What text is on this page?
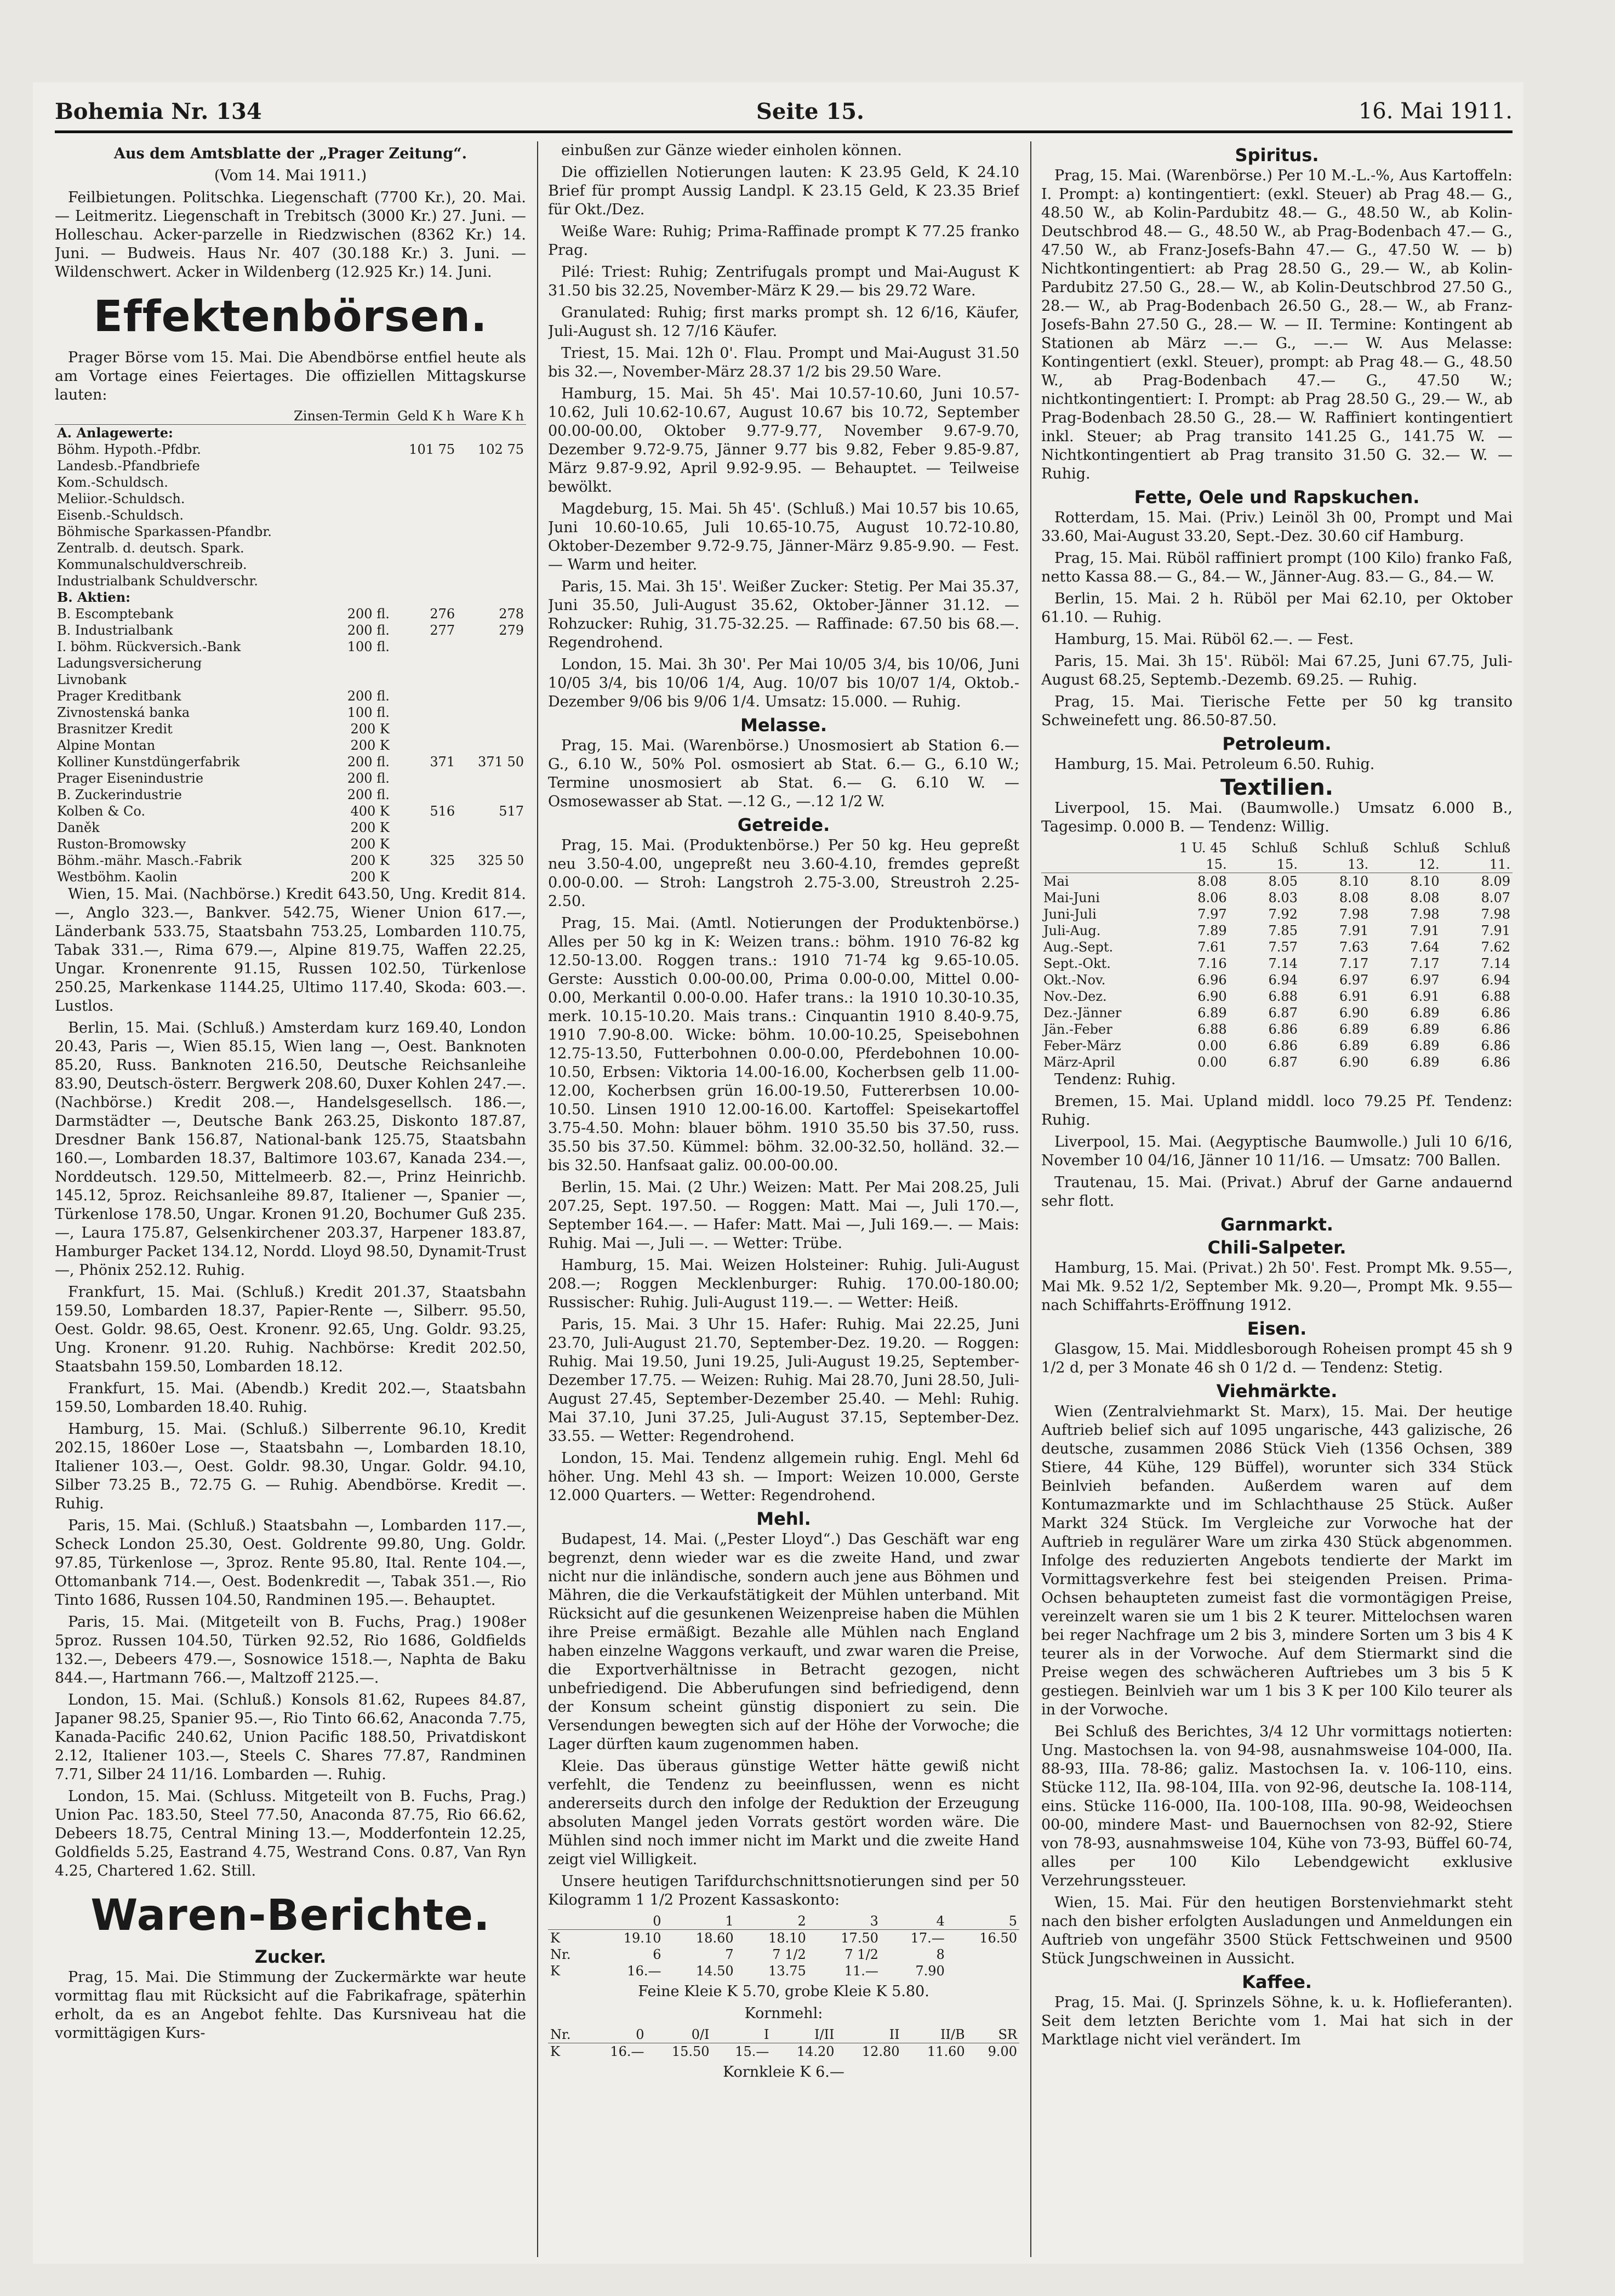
Bohemia Nr. 134	Seite 15.	16. Mai 1911.
Aus dem Amtsblatte der „Prager Zeitung“.
(Vom 14. Mai 1911.)

Feilbietungen. Politschka. Liegenschaft (7700 Kr.), 20. Mai. — Leitmeritz. Liegenschaft in Trebitsch (3000 Kr.) 27. Juni. — Holleschau. Acker-parzelle in Riedzwischen (8362 Kr.) 14. Juni. — Budweis. Haus Nr. 407 (30.188 Kr.) 3. Juni. — Wildenschwert. Acker in Wildenberg (12.925 Kr.) 14. Juni.

Effektenbörsen.

Prager Börse vom 15. Mai. Die Abendbörse entfiel heute als am Vortage eines Feiertages. Die offiziellen Mittagskurse lauten:

	Zinsen-Termin	Geld K h	Ware K h
A. Anlagewerte:			
Böhm. Hypoth.-Pfdbr.		101 75	102 75
Landesb.-Pfandbriefe			
Kom.-Schuldsch.			
Meliior.-Schuldsch.			
Eisenb.-Schuldsch.			
Böhmische Sparkassen-Pfandbr.			
Zentralb. d. deutsch. Spark.			
Kommunalschuldverschreib.			
Industrialbank Schuldverschr.			
B. Aktien:			
B. Escomptebank	200 fl.	276	278
B. Industrialbank	200 fl.	277	279
I. böhm. Rückversich.-Bank	100 fl.		
Ladungsversicherung			
Livnobank			
Prager Kreditbank	200 fl.		
Zivnostenská banka	100 fl.		
Brasnitzer Kredit	200 K		
Alpine Montan	200 K		
Kolliner Kunstdüngerfabrik	200 fl.	371	371 50
Prager Eisenindustrie	200 fl.		
B. Zuckerindustrie	200 fl.		
Kolben & Co.	400 K	516	517
Daněk	200 K		
Ruston-Bromowsky	200 K		
Böhm.-mähr. Masch.-Fabrik	200 K	325	325 50
Westböhm. Kaolin	200 K		

Wien, 15. Mai. (Nachbörse.) Kredit 643.50, Ung. Kredit 814.—, Anglo 323.—, Bankver. 542.75, Wiener Union 617.—, Länderbank 533.75, Staatsbahn 753.25, Lombarden 110.75, Tabak 331.—, Rima 679.—, Alpine 819.75, Waffen 22.25, Ungar. Kronenrente 91.15, Russen 102.50, Türkenlose 250.25, Markenkase 1144.25, Ultimo 117.40, Skoda: 603.—. Lustlos.

Berlin, 15. Mai. (Schluß.) Amsterdam kurz 169.40, London 20.43, Paris —, Wien 85.15, Wien lang —, Oest. Banknoten 85.20, Russ. Banknoten 216.50, Deutsche Reichsanleihe 83.90, Deutsch-österr. Bergwerk 208.60, Duxer Kohlen 247.—. (Nachbörse.) Kredit 208.—, Handelsgesellsch. 186.—, Darmstädter —, Deutsche Bank 263.25, Diskonto 187.87, Dresdner Bank 156.87, National-bank 125.75, Staatsbahn 160.—, Lombarden 18.37, Baltimore 103.67, Kanada 234.—, Norddeutsch. 129.50, Mittelmeerb. 82.—, Prinz Heinrichb. 145.12, 5proz. Reichsanleihe 89.87, Italiener —, Spanier —, Türkenlose 178.50, Ungar. Kronen 91.20, Bochumer Guß 235.—, Laura 175.87, Gelsenkirchener 203.37, Harpener 183.87, Hamburger Packet 134.12, Nordd. Lloyd 98.50, Dynamit-Trust —, Phönix 252.12. Ruhig.

Frankfurt, 15. Mai. (Schluß.) Kredit 201.37, Staatsbahn 159.50, Lombarden 18.37, Papier-Rente —, Silberr. 95.50, Oest. Goldr. 98.65, Oest. Kronenr. 92.65, Ung. Goldr. 93.25, Ung. Kronenr. 91.20. Ruhig. Nachbörse: Kredit 202.50, Staatsbahn 159.50, Lombarden 18.12.

Frankfurt, 15. Mai. (Abendb.) Kredit 202.—, Staatsbahn 159.50, Lombarden 18.40. Ruhig.

Hamburg, 15. Mai. (Schluß.) Silberrente 96.10, Kredit 202.15, 1860er Lose —, Staatsbahn —, Lombarden 18.10, Italiener 103.—, Oest. Goldr. 98.30, Ungar. Goldr. 94.10, Silber 73.25 B., 72.75 G. — Ruhig. Abendbörse. Kredit —. Ruhig.

Paris, 15. Mai. (Schluß.) Staatsbahn —, Lombarden 117.—, Scheck London 25.30, Oest. Goldrente 99.80, Ung. Goldr. 97.85, Türkenlose —, 3proz. Rente 95.80, Ital. Rente 104.—, Ottomanbank 714.—, Oest. Bodenkredit —, Tabak 351.—, Rio Tinto 1686, Russen 104.50, Randminen 195.—. Behauptet.

Paris, 15. Mai. (Mitgeteilt von B. Fuchs, Prag.) 1908er 5proz. Russen 104.50, Türken 92.52, Rio 1686, Goldfields 132.—, Debeers 479.—, Sosnowice 1518.—, Naphta de Baku 844.—, Hartmann 766.—, Maltzoff 2125.—.

London, 15. Mai. (Schluß.) Konsols 81.62, Rupees 84.87, Japaner 98.25, Spanier 95.—, Rio Tinto 66.62, Anaconda 7.75, Kanada-Pacific 240.62, Union Pacific 188.50, Privatdiskont 2.12, Italiener 103.—, Steels C. Shares 77.87, Randminen 7.71, Silber 24 11/16. Lombarden —. Ruhig.

London, 15. Mai. (Schluss. Mitgeteilt von B. Fuchs, Prag.) Union Pac. 183.50, Steel 77.50, Anaconda 87.75, Rio 66.62, Debeers 18.75, Central Mining 13.—, Modderfontein 12.25, Goldfields 5.25, Eastrand 4.75, Westrand Cons. 0.87, Van Ryn 4.25, Chartered 1.62. Still.

Waren-Berichte.
Zucker.

Prag, 15. Mai. Die Stimmung der Zuckermärkte war heute vormittag flau mit Rücksicht auf die Fabrikafrage, späterhin erholt, da es an Angebot fehlte. Das Kursniveau hat die vormittägigen Kurs-

einbußen zur Gänze wieder einholen können.

Die offiziellen Notierungen lauten: K 23.95 Geld, K 24.10 Brief für prompt Aussig Landpl. K 23.15 Geld, K 23.35 Brief für Okt./Dez.

Weiße Ware: Ruhig; Prima-Raffinade prompt K 77.25 franko Prag.

Pilé: Triest: Ruhig; Zentrifugals prompt und Mai-August K 31.50 bis 32.25, November-März K 29.— bis 29.72 Ware.

Granulated: Ruhig; first marks prompt sh. 12 6/16, Käufer, Juli-August sh. 12 7/16 Käufer.

Triest, 15. Mai. 12h 0'. Flau. Prompt und Mai-August 31.50 bis 32.—, November-März 28.37 1/2 bis 29.50 Ware.

Hamburg, 15. Mai. 5h 45'. Mai 10.57-10.60, Juni 10.57-10.62, Juli 10.62-10.67, August 10.67 bis 10.72, September 00.00-00.00, Oktober 9.77-9.77, November 9.67-9.70, Dezember 9.72-9.75, Jänner 9.77 bis 9.82, Feber 9.85-9.87, März 9.87-9.92, April 9.92-9.95. — Behauptet. — Teilweise bewölkt.

Magdeburg, 15. Mai. 5h 45'. (Schluß.) Mai 10.57 bis 10.65, Juni 10.60-10.65, Juli 10.65-10.75, August 10.72-10.80, Oktober-Dezember 9.72-9.75, Jänner-März 9.85-9.90. — Fest. — Warm und heiter.

Paris, 15. Mai. 3h 15'. Weißer Zucker: Stetig. Per Mai 35.37, Juni 35.50, Juli-August 35.62, Oktober-Jänner 31.12. — Rohzucker: Ruhig, 31.75-32.25. — Raffinade: 67.50 bis 68.—. Regendrohend.

London, 15. Mai. 3h 30'. Per Mai 10/05 3/4, bis 10/06, Juni 10/05 3/4, bis 10/06 1/4, Aug. 10/07 bis 10/07 1/4, Oktob.-Dezember 9/06 bis 9/06 1/4. Umsatz: 15.000. — Ruhig.

Melasse.

Prag, 15. Mai. (Warenbörse.) Unosmosiert ab Station 6.— G., 6.10 W., 50% Pol. osmosiert ab Stat. 6.— G., 6.10 W.; Termine unosmosiert ab Stat. 6.— G. 6.10 W. — Osmosewasser ab Stat. —.12 G., —.12 1/2 W.

Getreide.

Prag, 15. Mai. (Produktenbörse.) Per 50 kg. Heu gepreßt neu 3.50-4.00, ungepreßt neu 3.60-4.10, fremdes gepreßt 0.00-0.00. — Stroh: Langstroh 2.75-3.00, Streustroh 2.25-2.50.

Prag, 15. Mai. (Amtl. Notierungen der Produktenbörse.) Alles per 50 kg in K: Weizen trans.: böhm. 1910 76-82 kg 12.50-13.00. Roggen trans.: 1910 71-74 kg 9.65-10.05. Gerste: Ausstich 0.00-00.00, Prima 0.00-0.00, Mittel 0.00-0.00, Merkantil 0.00-0.00. Hafer trans.: la 1910 10.30-10.35, merk. 10.15-10.20. Mais trans.: Cinquantin 1910 8.40-9.75, 1910 7.90-8.00. Wicke: böhm. 10.00-10.25, Speisebohnen 12.75-13.50, Futterbohnen 0.00-0.00, Pferdebohnen 10.00-10.50, Erbsen: Viktoria 14.00-16.00, Kocherbsen gelb 11.00-12.00, Kocherbsen grün 16.00-19.50, Futtererbsen 10.00-10.50. Linsen 1910 12.00-16.00. Kartoffel: Speisekartoffel 3.75-4.50. Mohn: blauer böhm. 1910 35.50 bis 37.50, russ. 35.50 bis 37.50. Kümmel: böhm. 32.00-32.50, holländ. 32.— bis 32.50. Hanfsaat galiz. 00.00-00.00.

Berlin, 15. Mai. (2 Uhr.) Weizen: Matt. Per Mai 208.25, Juli 207.25, Sept. 197.50. — Roggen: Matt. Mai —, Juli 170.—, September 164.—. — Hafer: Matt. Mai —, Juli 169.—. — Mais: Ruhig. Mai —, Juli —. — Wetter: Trübe.

Hamburg, 15. Mai. Weizen Holsteiner: Ruhig. Juli-August 208.—; Roggen Mecklenburger: Ruhig. 170.00-180.00; Russischer: Ruhig. Juli-August 119.—. — Wetter: Heiß.

Paris, 15. Mai. 3 Uhr 15. Hafer: Ruhig. Mai 22.25, Juni 23.70, Juli-August 21.70, September-Dez. 19.20. — Roggen: Ruhig. Mai 19.50, Juni 19.25, Juli-August 19.25, September-Dezember 17.75. — Weizen: Ruhig. Mai 28.70, Juni 28.50, Juli-August 27.45, September-Dezember 25.40. — Mehl: Ruhig. Mai 37.10, Juni 37.25, Juli-August 37.15, September-Dez. 33.55. — Wetter: Regendrohend.

London, 15. Mai. Tendenz allgemein ruhig. Engl. Mehl 6d höher. Ung. Mehl 43 sh. — Import: Weizen 10.000, Gerste 12.000 Quarters. — Wetter: Regendrohend.

Mehl.

Budapest, 14. Mai. („Pester Lloyd“.) Das Geschäft war eng begrenzt, denn wieder war es die zweite Hand, und zwar nicht nur die inländische, sondern auch jene aus Böhmen und Mähren, die die Verkaufstätigkeit der Mühlen unterband. Mit Rücksicht auf die gesunkenen Weizenpreise haben die Mühlen ihre Preise ermäßigt. Bezahle alle Mühlen nach England haben einzelne Waggons verkauft, und zwar waren die Preise, die Exportverhältnisse in Betracht gezogen, nicht unbefriedigend. Die Abberufungen sind befriedigend, denn der Konsum scheint günstig disponiert zu sein. Die Versendungen bewegten sich auf der Höhe der Vorwoche; die Lager dürften kaum zugenommen haben.

Kleie. Das überaus günstige Wetter hätte gewiß nicht verfehlt, die Tendenz zu beeinflussen, wenn es nicht andererseits durch den infolge der Reduktion der Erzeugung absoluten Mangel jeden Vorrats gestört worden wäre. Die Mühlen sind noch immer nicht im Markt und die zweite Hand zeigt viel Willigkeit.

Unsere heutigen Tarifdurchschnittsnotierungen sind per 50 Kilogramm 1 1/2 Prozent Kassaskonto:

	0	1	2	3	4	5
K	19.10	18.60	18.10	17.50	17.—	16.50
Nr.	6	7	7 1/2	7 1/2	8	
K	16.—	14.50	13.75	11.—	7.90	
Feine Kleie K 5.70, grobe Kleie K 5.80.
Kornmehl:
Nr.	0	0/I	I	I/II	II	II/B	SR
K	16.—	15.50	15.—	14.20	12.80	11.60	9.00
Kornkleie K 6.—
Spiritus.

Prag, 15. Mai. (Warenbörse.) Per 10 M.-L.-%, Aus Kartoffeln: I. Prompt: a) kontingentiert: (exkl. Steuer) ab Prag 48.— G., 48.50 W., ab Kolin-Pardubitz 48.— G., 48.50 W., ab Kolin-Deutschbrod 48.— G., 48.50 W., ab Prag-Bodenbach 47.— G., 47.50 W., ab Franz-Josefs-Bahn 47.— G., 47.50 W. — b) Nichtkontingentiert: ab Prag 28.50 G., 29.— W., ab Kolin-Pardubitz 27.50 G., 28.— W., ab Kolin-Deutschbrod 27.50 G., 28.— W., ab Prag-Bodenbach 26.50 G., 28.— W., ab Franz-Josefs-Bahn 27.50 G., 28.— W. — II. Termine: Kontingent ab Stationen ab März —.— G., —.— W. Aus Melasse: Kontingentiert (exkl. Steuer), prompt: ab Prag 48.— G., 48.50 W., ab Prag-Bodenbach 47.— G., 47.50 W.; nichtkontingentiert: I. Prompt: ab Prag 28.50 G., 29.— W., ab Prag-Bodenbach 28.50 G., 28.— W. Raffiniert kontingentiert inkl. Steuer; ab Prag transito 141.25 G., 141.75 W. — Nichtkontingentiert ab Prag transito 31.50 G. 32.— W. — Ruhig.

Fette, Oele und Rapskuchen.

Rotterdam, 15. Mai. (Priv.) Leinöl 3h 00, Prompt und Mai 33.60, Mai-August 33.20, Sept.-Dez. 30.60 cif Hamburg.

Prag, 15. Mai. Rüböl raffiniert prompt (100 Kilo) franko Faß, netto Kassa 88.— G., 84.— W., Jänner-Aug. 83.— G., 84.— W.

Berlin, 15. Mai. 2 h. Rüböl per Mai 62.10, per Oktober 61.10. — Ruhig.

Hamburg, 15. Mai. Rüböl 62.—. — Fest.

Paris, 15. Mai. 3h 15'. Rüböl: Mai 67.25, Juni 67.75, Juli-August 68.25, Septemb.-Dezemb. 69.25. — Ruhig.

Prag, 15. Mai. Tierische Fette per 50 kg transito Schweinefett ung. 86.50-87.50.

Petroleum.

Hamburg, 15. Mai. Petroleum 6.50. Ruhig.

Textilien.

Liverpool, 15. Mai. (Baumwolle.) Umsatz 6.000 B., Tagesimp. 0.000 B. — Tendenz: Willig.

	1 U. 45	Schluß	Schluß	Schluß	Schluß
	15.	15.	13.	12.	11.
Mai	8.08	8.05	8.10	8.10	8.09
Mai-Juni	8.06	8.03	8.08	8.08	8.07
Juni-Juli	7.97	7.92	7.98	7.98	7.98
Juli-Aug.	7.89	7.85	7.91	7.91	7.91
Aug.-Sept.	7.61	7.57	7.63	7.64	7.62
Sept.-Okt.	7.16	7.14	7.17	7.17	7.14
Okt.-Nov.	6.96	6.94	6.97	6.97	6.94
Nov.-Dez.	6.90	6.88	6.91	6.91	6.88
Dez.-Jänner	6.89	6.87	6.90	6.89	6.86
Jän.-Feber	6.88	6.86	6.89	6.89	6.86
Feber-März	0.00	6.86	6.89	6.89	6.86
März-April	0.00	6.87	6.90	6.89	6.86

Tendenz: Ruhig.

Bremen, 15. Mai. Upland middl. loco 79.25 Pf. Tendenz: Ruhig.

Liverpool, 15. Mai. (Aegyptische Baumwolle.) Juli 10 6/16, November 10 04/16, Jänner 10 11/16. — Umsatz: 700 Ballen.

Trautenau, 15. Mai. (Privat.) Abruf der Garne andauernd sehr flott.

Garnmarkt.
Chili-Salpeter.

Hamburg, 15. Mai. (Privat.) 2h 50'. Fest. Prompt Mk. 9.55—, Mai Mk. 9.52 1/2, September Mk. 9.20—, Prompt Mk. 9.55— nach Schiffahrts-Eröffnung 1912.

Eisen.

Glasgow, 15. Mai. Middlesborough Roheisen prompt 45 sh 9 1/2 d, per 3 Monate 46 sh 0 1/2 d. — Tendenz: Stetig.

Viehmärkte.

Wien (Zentralviehmarkt St. Marx), 15. Mai. Der heutige Auftrieb belief sich auf 1095 ungarische, 443 galizische, 26 deutsche, zusammen 2086 Stück Vieh (1356 Ochsen, 389 Stiere, 44 Kühe, 129 Büffel), worunter sich 334 Stück Beinlvieh befanden. Außerdem waren auf dem Kontumazmarkte und im Schlachthause 25 Stück. Außer Markt 324 Stück. Im Vergleiche zur Vorwoche hat der Auftrieb in regulärer Ware um zirka 430 Stück abgenommen. Infolge des reduzierten Angebots tendierte der Markt im Vormittagsverkehre fest bei steigenden Preisen. Prima-Ochsen behaupteten zumeist fast die vormontägigen Preise, vereinzelt waren sie um 1 bis 2 K teurer. Mittelochsen waren bei reger Nachfrage um 2 bis 3, mindere Sorten um 3 bis 4 K teurer als in der Vorwoche. Auf dem Stiermarkt sind die Preise wegen des schwächeren Auftriebes um 3 bis 5 K gestiegen. Beinlvieh war um 1 bis 3 K per 100 Kilo teurer als in der Vorwoche.

Bei Schluß des Berichtes, 3/4 12 Uhr vormittags notierten: Ung. Mastochsen la. von 94-98, ausnahmsweise 104-000, IIa. 88-93, IIIa. 78-86; galiz. Mastochsen Ia. v. 106-110, eins. Stücke 112, IIa. 98-104, IIIa. von 92-96, deutsche Ia. 108-114, eins. Stücke 116-000, IIa. 100-108, IIIa. 90-98, Weideochsen 00-00, mindere Mast- und Bauernochsen von 82-92, Stiere von 78-93, ausnahmsweise 104, Kühe von 73-93, Büffel 60-74, alles per 100 Kilo Lebendgewicht exklusive Verzehrungssteuer.

Wien, 15. Mai. Für den heutigen Borstenviehmarkt steht nach den bisher erfolgten Ausladungen und Anmeldungen ein Auftrieb von ungefähr 3500 Stück Fettschweinen und 9500 Stück Jungschweinen in Aussicht.

Kaffee.

Prag, 15. Mai. (J. Sprinzels Söhne, k. u. k. Hoflieferanten). Seit dem letzten Berichte vom 1. Mai hat sich in der Marktlage nicht viel verändert. Im
